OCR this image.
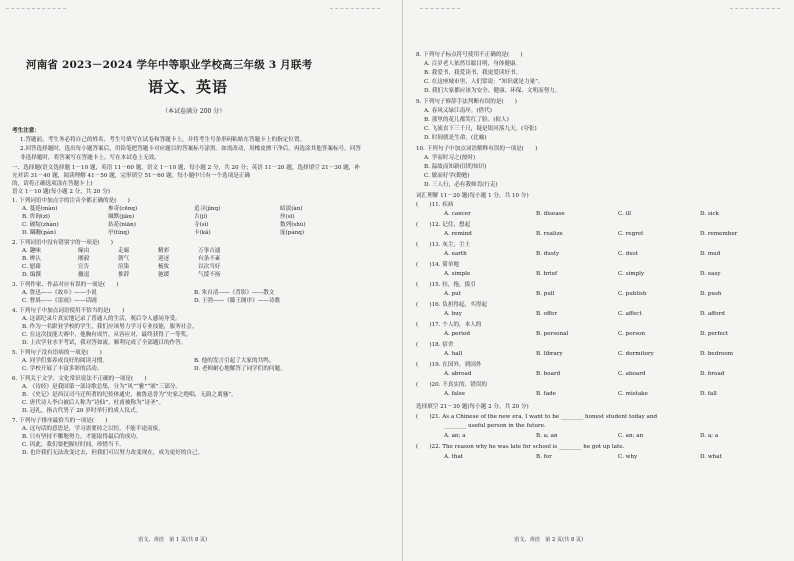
河南省 2023－2024 学年中等职业学校高三年级 3 月联考
语文、英语
（本试卷满分 200 分）
考生注意：
1.答题前，考生务必将自己的姓名、考生号填写在试卷和答题卡上，并将考生号条形码粘贴在答题卡上的指定位置。
2.回答选择题时，选出每小题答案后，用铅笔把答题卡对应题目的答案标号涂黑。如需改动，用橡皮擦干净后，再选涂其他答案标号。回答
非选择题时，将答案写在答题卡上。写在本试卷上无效。
一、选择题(语文选择题 1－10 题，英语 11－60 题。语文 1－10 题，每小题 2 分，共 20 分；英语 11－20 题，选择填空 21－30 题，补
充对话 31－40 题，阅读理解 41－50 题，完形填空 51－60 题。每小题中只有一个选项是正确
的，请将正确选项涂在答题卡上)
语文 1－10 题(每小题 2 分，共 20 分)
1. 下列词语中加点字的注音全都正确的是(　　)
A. 蔓延(màn)	参奇(cēnq)	追寻(jìnq)	暗淡(àn)
B. 咨询(zī)	缄默(jiān)	吉(jí)	丝(sī)
C. 破绽(zhàn)	拈花(niān)	寺(sì)	数列(shù)
D. 蹒跚(pán)	亭(tínq)	卡(kǎ)	庞(pánq)
2. 下列词语中没有错别字的一项是(　　)
A. 趣味	缘由	走廊	精彩	万事吉通
B. 辨认	刚毅	朝气	迎迓	有条不紊
C. 慰藉	宣告	渲染	梳妆	以次当好
D. 编撰	撤退	推辞	弛缓	气馁不扬
3. 下列作家、作品对应有误的一项是(　　)
A. 鲁迅——《故乡》——小说	B. 朱自清——《背影》——散文
C. 曹禺——《雷雨》——话剧	D. 王勃——《滕王阁序》——诗歌
4. 下列句子中加点词语使用不恰当的是(　　)
A. 这部纪录片真实地记录了普通人的生活，观后令人感同身受。
B. 作为一名职业学校的学生，我们应该努力学习专业技能，服务社会。
C. 在这次技能大赛中，他胸有成竹，从容应对，最终获得了一等奖。
D. 上次学业水平考试，我对答如流，顺利完成了全部题目的作答。
5. 下列句子没有语病的一项是(　　)
A. 同学们要养成良好的阅读习惯。	B. 他的发言引起了大家的共鸣。
C. 学校开展了丰富多彩的活动。	D. 老师耐心地解答了同学们的问题。
6. 下列关于文学、文化常识说法不正确的一项是(　　)
A. 《诗经》是我国第一部诗歌总集，分为“风”“雅”“颂”三部分。
B. 《史记》是西汉司马迁所著的纪传体通史，被鲁迅誉为“史家之绝唱，无韵之离骚”。
C. 唐代诗人李白被后人称为“诗仙”，杜甫被称为“诗圣”。
D. 冠礼，指古代男子 20 岁时举行的成人仪式。
7. 下列句子排序最恰当的一项是(　　)
A. 这句话的意思是，学习需要持之以恒，不能半途而废。
B. 只有坚持不懈地努力，才能取得最后的成功。
C. 因此，我们要把握好时间，珍惜当下。
D. 也许我们无法改变过去，但我们可以努力改变现在，成为更好的自己。
语文、英语　第 1 页(共 8 页)
8. 下列句子标点符号使用不正确的是(　　)
A. 百岁老人依然耳聪目明，身体健康。
B. 我爱书，我爱读书，我更爱读好书。
C. 在这座城市里，人们常说：“知识就是力量”。
D. 我们大家都应该为安全、健康、环保、文明而努力。
9. 下列句子修辞手法判断有误的是(　　)
A. 春风又绿江南岸。(借代)
B. 那里的花儿都笑红了脸。(拟人)
C. 飞流直下三千尺，疑是银河落九天。(夸张)
D. 时间就是生命。(比喻)
10. 下列句子中加点词语解释有误的一项是(　　)
A. 学而时习之(按时)
B. 温故而知新(旧的知识)
C. 敏而好学(勤勉)
D. 三人行，必有我师焉(行走)
词汇理解 11－20 题(每小题 1 分，共 10 分)
(　　)11. 疾病
A. cancer	B. disease	C. ill	D. sick
(　　)12. 记住，想起
A. remind	B. realize	C. regret	D. remember
(　　)13. 灰尘，尘土
A. earth	B. dusty	C. dust	D. mud
(　　)14. 简单地
A. simple	B. brief	C. simply	D. easy
(　　)15. 拉，拖，拔引
A. put	B. pull	C. publish	D. push
(　　)16. 负担得起，买得起
A. buy	B. offer	C. affect	D. afford
(　　)17. 个人的，本人的
A. period	B. personal	C. person	D. perfect
(　　)18. 宿舍
A. hall	B. library	C. dormitory	D. bedroom
(　　)19. 在国外，到国外
A. abroad	B. board	C. aboard	D. broad
(　　)20. 不真实的，错误的
A. false	B. fade	C. mistake	D. fall
选择填空 21－30 题(每小题 2 分，共 20 分)
(　　)21. As a Chinese of the new era, I want to be ________ honest student today and
________ useful person in the future.
A. an; a	B. a; an	C. an; an	D. a; a
(　　)22. The reason why he was late for school is ________ he got up late.
A. that	B. for	C. why	D. what
语文、英语　第 2 页(共 8 页)
